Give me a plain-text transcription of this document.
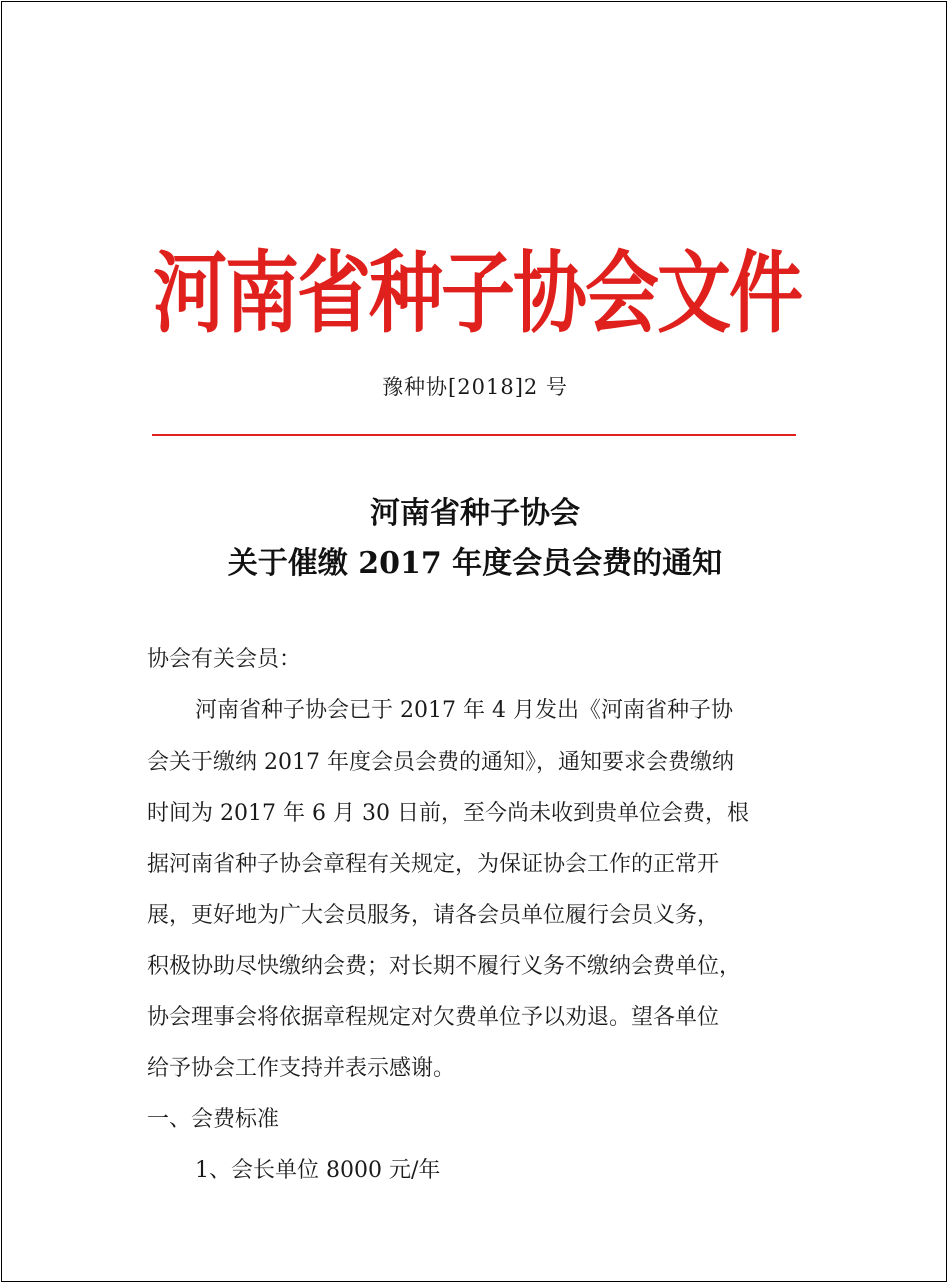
河南省种子协会文件
豫种协[2018]2 号
河南省种子协会
关于催缴 2017 年度会员会费的通知
协会有关会员：
河南省种子协会已于 2017 年 4 月发出《河南省种子协
会关于缴纳 2017 年度会员会费的通知》，通知要求会费缴纳
时间为 2017 年 6 月 30 日前，至今尚未收到贵单位会费，根
据河南省种子协会章程有关规定，为保证协会工作的正常开
展，更好地为广大会员服务，请各会员单位履行会员义务，
积极协助尽快缴纳会费；对长期不履行义务不缴纳会费单位，
协会理事会将依据章程规定对欠费单位予以劝退。望各单位
给予协会工作支持并表示感谢。
一、会费标准
1、会长单位 8000 元/年
